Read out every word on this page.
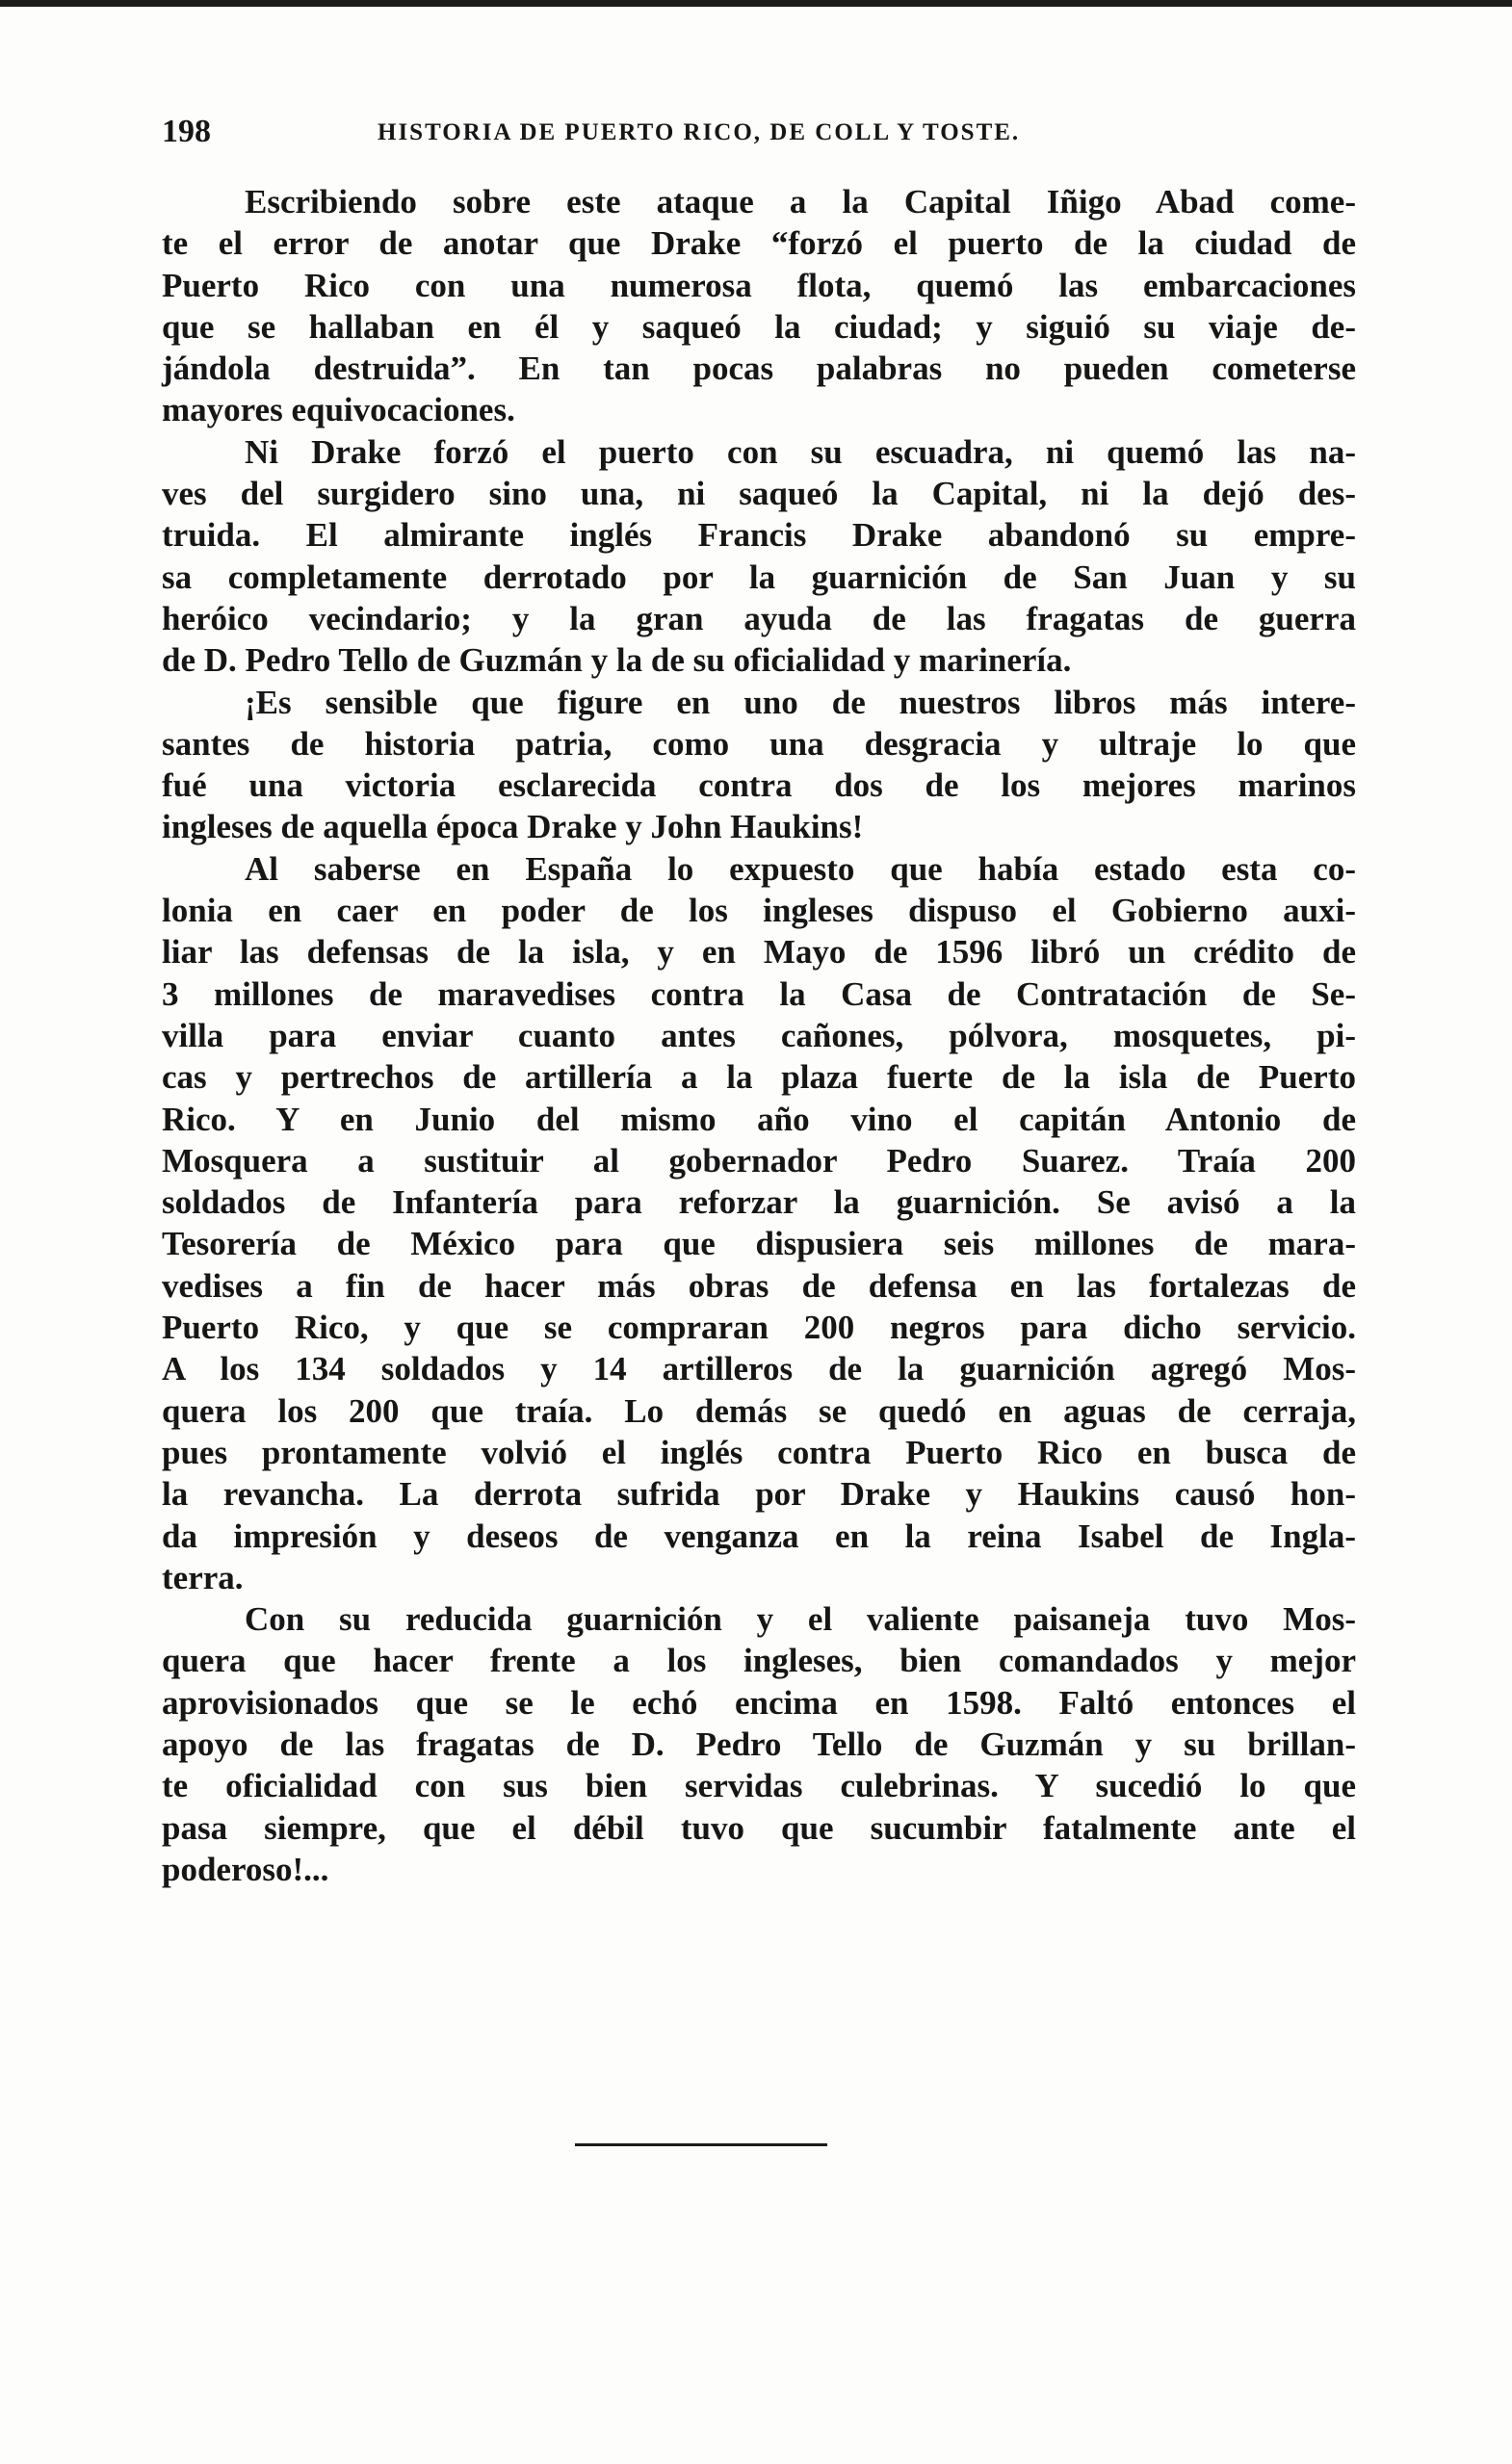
198	HISTORIA DE PUERTO RICO, DE COLL Y TOSTE.

Escribiendo sobre este ataque a la Capital Iñigo Abad come-
te el error de anotar que Drake “forzó el puerto de la ciudad de
Puerto Rico con una numerosa flota, quemó las embarcaciones
que se hallaban en él y saqueó la ciudad; y siguió su viaje de-
jándola destruida”. En tan pocas palabras no pueden cometerse
mayores equivocaciones.

Ni Drake forzó el puerto con su escuadra, ni quemó las na-
ves del surgidero sino una, ni saqueó la Capital, ni la dejó des-
truida. El almirante inglés Francis Drake abandonó su empre-
sa completamente derrotado por la guarnición de San Juan y su
heróico vecindario; y la gran ayuda de las fragatas de guerra
de D. Pedro Tello de Guzmán y la de su oficialidad y marinería.

¡Es sensible que figure en uno de nuestros libros más intere-
santes de historia patria, como una desgracia y ultraje lo que
fué una victoria esclarecida contra dos de los mejores marinos
ingleses de aquella época Drake y John Haukins!

Al saberse en España lo expuesto que había estado esta co-
lonia en caer en poder de los ingleses dispuso el Gobierno auxi-
liar las defensas de la isla, y en Mayo de 1596 libró un crédito de
3 millones de maravedises contra la Casa de Contratación de Se-
villa para enviar cuanto antes cañones, pólvora, mosquetes, pi-
cas y pertrechos de artillería a la plaza fuerte de la isla de Puerto
Rico. Y en Junio del mismo año vino el capitán Antonio de
Mosquera a sustituir al gobernador Pedro Suarez. Traía 200
soldados de Infantería para reforzar la guarnición. Se avisó a la
Tesorería de México para que dispusiera seis millones de mara-
vedises a fin de hacer más obras de defensa en las fortalezas de
Puerto Rico, y que se compraran 200 negros para dicho servicio.
A los 134 soldados y 14 artilleros de la guarnición agregó Mos-
quera los 200 que traía. Lo demás se quedó en aguas de cerraja,
pues prontamente volvió el inglés contra Puerto Rico en busca de
la revancha. La derrota sufrida por Drake y Haukins causó hon-
da impresión y deseos de venganza en la reina Isabel de Ingla-
terra.

Con su reducida guarnición y el valiente paisaneja tuvo Mos-
quera que hacer frente a los ingleses, bien comandados y mejor
aprovisionados que se le echó encima en 1598. Faltó entonces el
apoyo de las fragatas de D. Pedro Tello de Guzmán y su brillan-
te oficialidad con sus bien servidas culebrinas. Y sucedió lo que
pasa siempre, que el débil tuvo que sucumbir fatalmente ante el
poderoso!...
